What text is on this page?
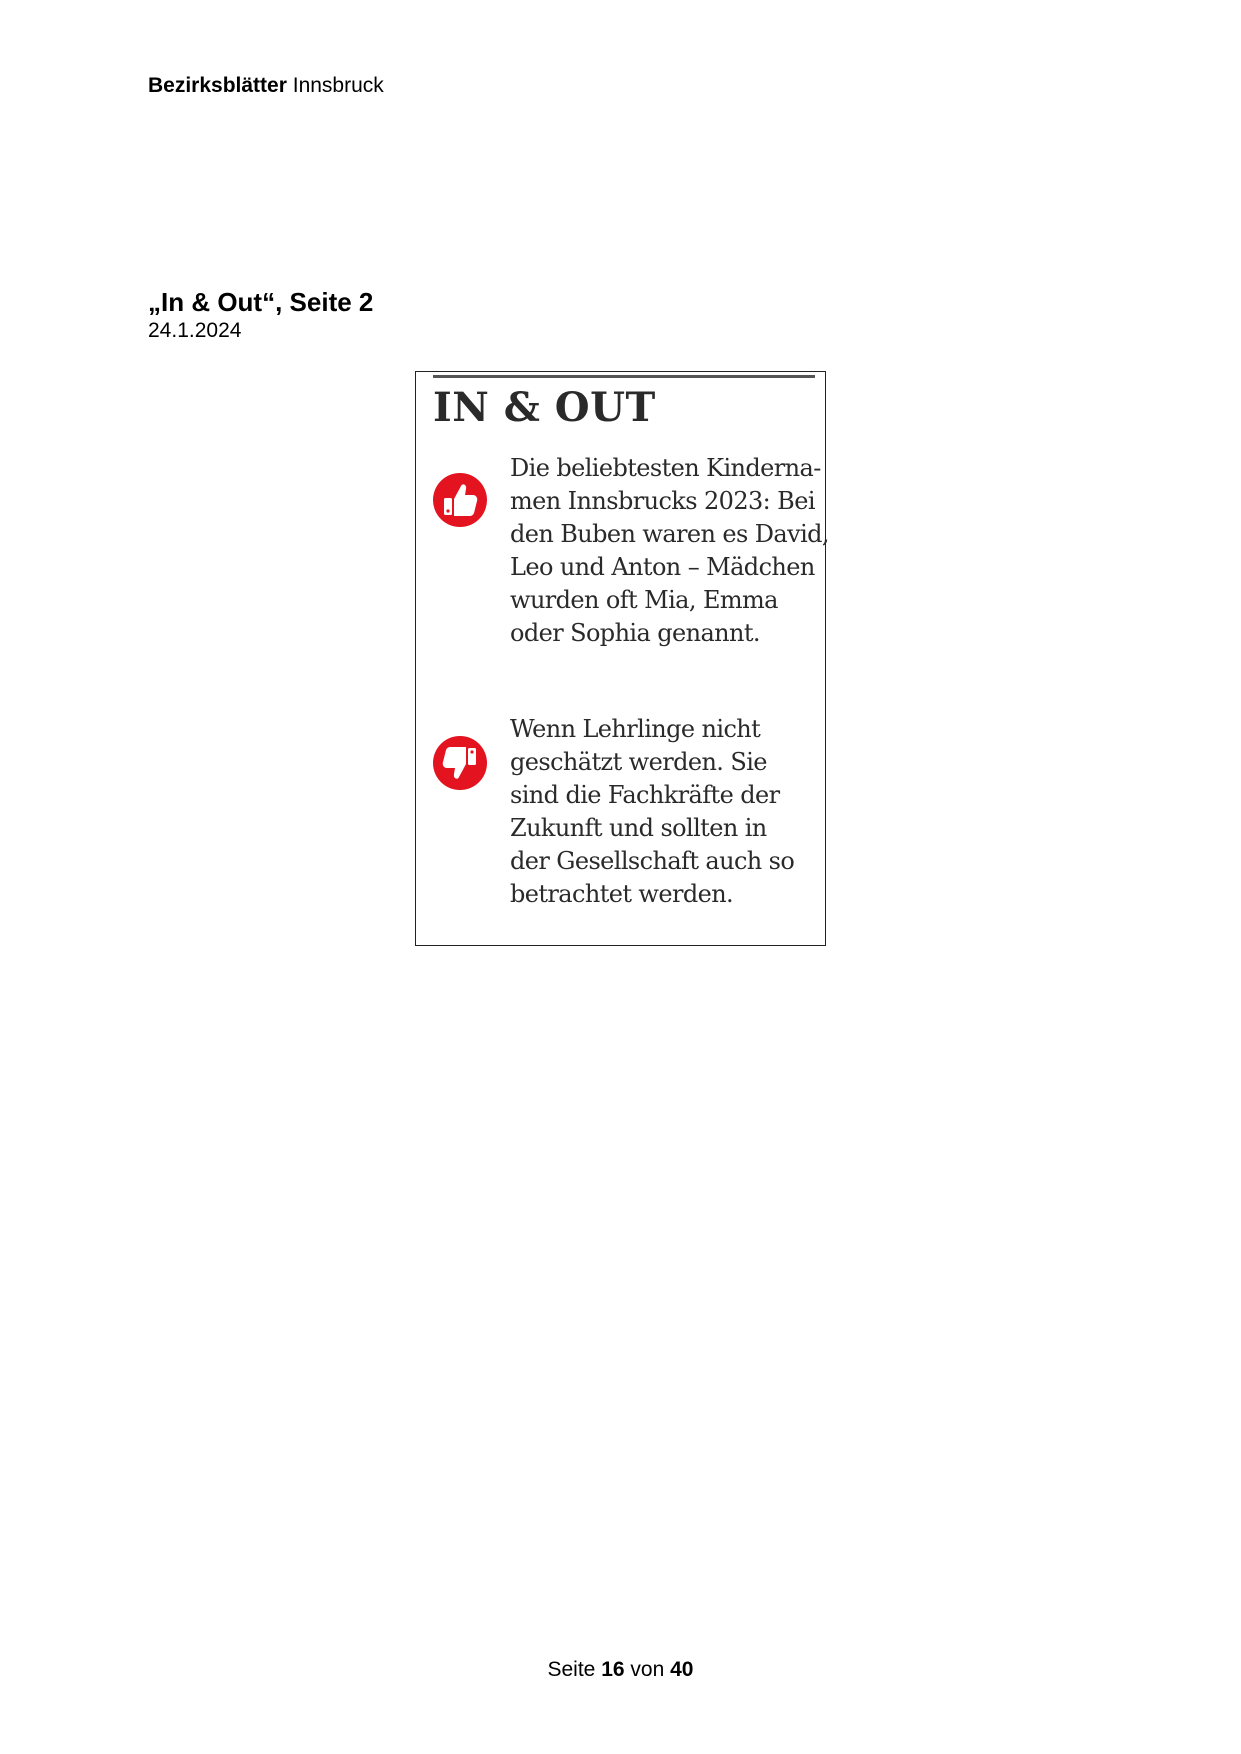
Bezirksblätter Innsbruck
„In & Out“, Seite 2
24.1.2024
IN & OUT
Die beliebtesten Kinderna-
men Innsbrucks 2023: Bei
den Buben waren es David,
Leo und Anton – Mädchen
wurden oft Mia, Emma
oder Sophia genannt.
Wenn Lehrlinge nicht
geschätzt werden. Sie
sind die Fachkräfte der
Zukunft und sollten in
der Gesellschaft auch so
betrachtet werden.
Seite 16 von 40
